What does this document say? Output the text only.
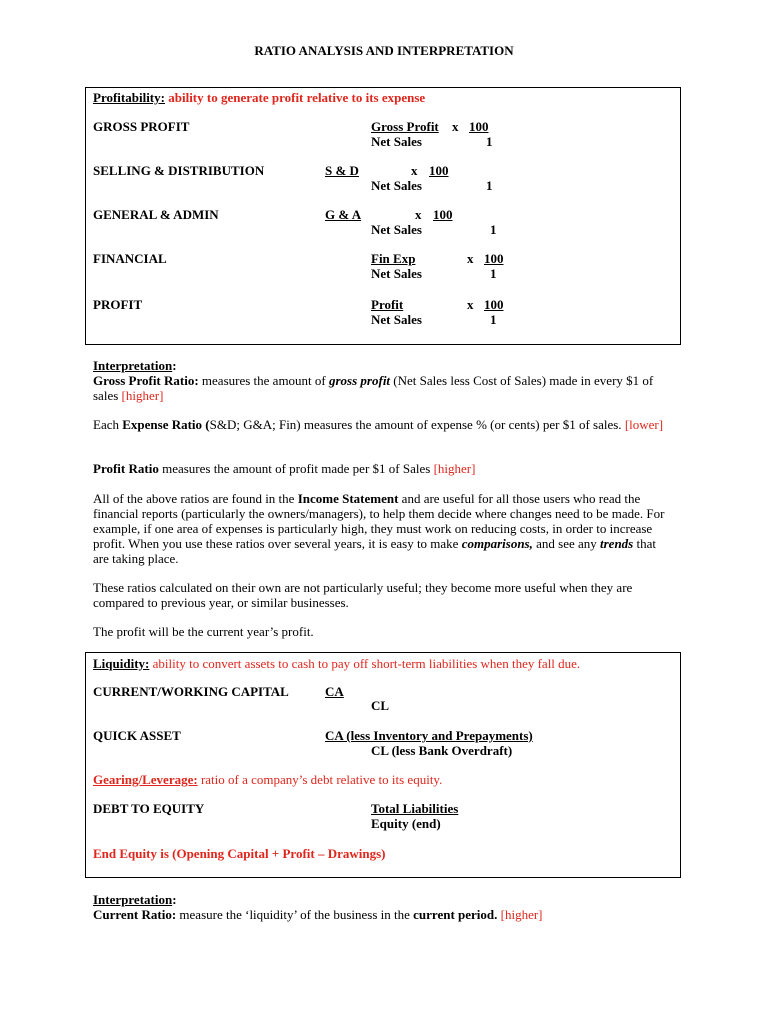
RATIO ANALYSIS AND INTERPRETATION
Profitability: ability to generate profit relative to its expense
GROSS PROFIT	Gross Profit x 100
Net Sales	1
SELLING & DISTRIBUTION	S & D	x 100
Net Sales	1
GENERAL & ADMIN	G & A	x 100
Net Sales	1
FINANCIAL	Fin Exp	x 100
Net Sales	1
PROFIT	Profit	x 100
Net Sales	1
Interpretation:
Gross Profit Ratio: measures the amount of gross profit (Net Sales less Cost of Sales) made in every $1 of sales [higher]
Each Expense Ratio (S&D; G&A; Fin) measures the amount of expense % (or cents) per $1 of sales. [lower]
Profit Ratio measures the amount of profit made per $1 of Sales [higher]
All of the above ratios are found in the Income Statement and are useful for all those users who read the financial reports (particularly the owners/managers), to help them decide where changes need to be made. For example, if one area of expenses is particularly high, they must work on reducing costs, in order to increase profit. When you use these ratios over several years, it is easy to make comparisons, and see any trends that are taking place.
These ratios calculated on their own are not particularly useful; they become more useful when they are compared to previous year, or similar businesses.
The profit will be the current year’s profit.
Liquidity: ability to convert assets to cash to pay off short-term liabilities when they fall due.
CURRENT/WORKING CAPITAL	CA
CL
QUICK ASSET	CA (less Inventory and Prepayments)
CL (less Bank Overdraft)
Gearing/Leverage: ratio of a company’s debt relative to its equity.
DEBT TO EQUITY	Total Liabilities
Equity (end)
End Equity is (Opening Capital + Profit – Drawings)
Interpretation:
Current Ratio: measure the ‘liquidity’ of the business in the current period. [higher]
